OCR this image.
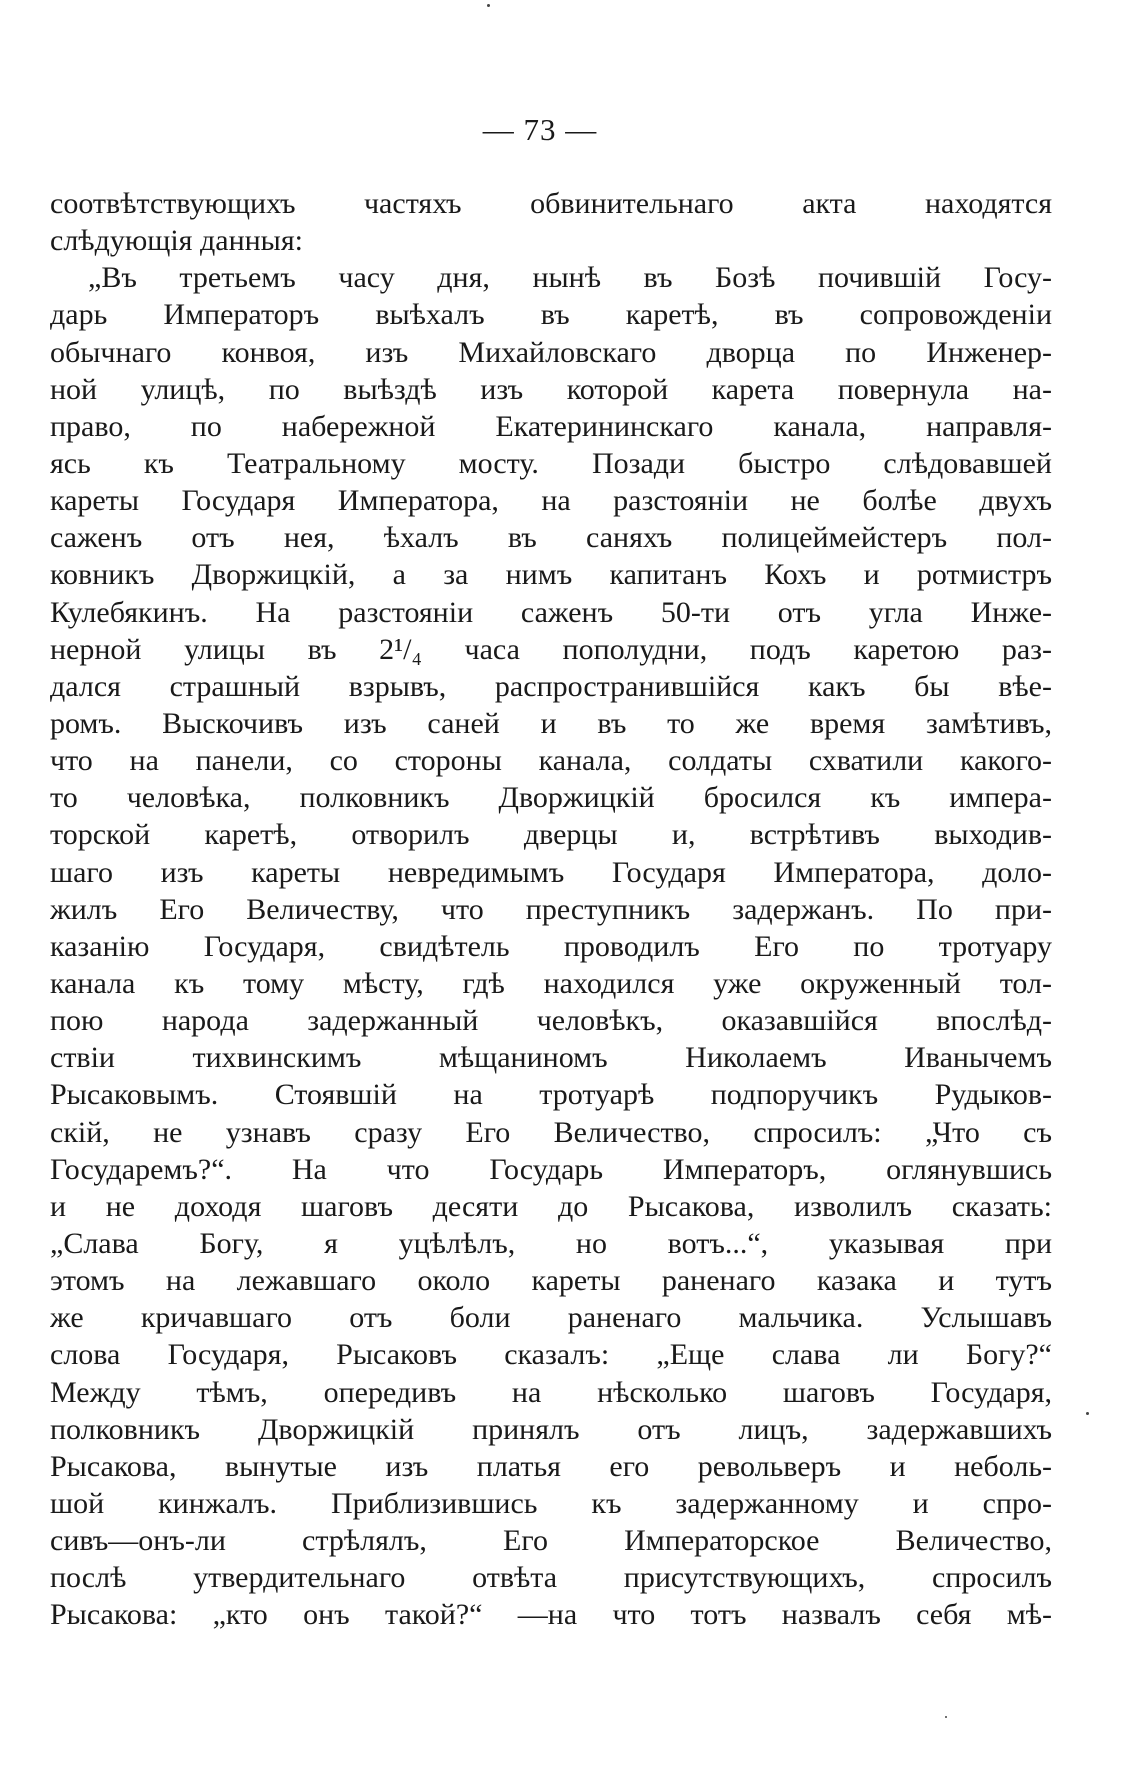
— 73 —
соотвѣтствующихъ частяхъ обвинительнаго акта находятся
слѣдующія данныя:
„Въ третьемъ часу дня, нынѣ въ Бозѣ почившій Госу-
дарь Императоръ выѣхалъ въ каретѣ, въ сопровожденіи
обычнаго конвоя, изъ Михайловскаго дворца по Инженер-
ной улицѣ, по выѣздѣ изъ которой карета повернула на-
право, по набережной Екатерининскаго канала, направля-
ясь къ Театральному мосту. Позади быстро слѣдовавшей
кареты Государя Императора, на разстояніи не болѣе двухъ
саженъ отъ нея, ѣхалъ въ саняхъ полицеймейстеръ пол-
ковникъ Дворжицкій, а за нимъ капитанъ Кохъ и ротмистръ
Кулебякинъ. На разстояніи саженъ 50-ти отъ угла Инже-
нерной улицы въ 2¹/₄ часа пополудни, подъ каретою раз-
дался страшный взрывъ, распространившійся какъ бы вѣе-
ромъ. Выскочивъ изъ саней и въ то же время замѣтивъ,
что на панели, со стороны канала, солдаты схватили какого-
то человѣка, полковникъ Дворжицкій бросился къ импера-
торской каретѣ, отворилъ дверцы и, встрѣтивъ выходив-
шаго изъ кареты невредимымъ Государя Императора, доло-
жилъ Его Величеству, что преступникъ задержанъ. По при-
казанію Государя, свидѣтель проводилъ Его по тротуару
канала къ тому мѣсту, гдѣ находился уже окруженный тол-
пою народа задержанный человѣкъ, оказавшійся впослѣд-
ствіи тихвинскимъ мѣщаниномъ Николаемъ Иванычемъ
Рысаковымъ. Стоявшій на тротуарѣ подпоручикъ Рудыков-
скій, не узнавъ сразу Его Величество, спросилъ: „Что съ
Государемъ?“. На что Государь Императоръ, оглянувшись
и не доходя шаговъ десяти до Рысакова, изволилъ сказать:
„Слава Богу, я уцѣлѣлъ, но вотъ...“, указывая при
этомъ на лежавшаго около кареты раненаго казака и тутъ
же кричавшаго отъ боли раненаго мальчика. Услышавъ
слова Государя, Рысаковъ сказалъ: „Еще слава ли Богу?“
Между тѣмъ, опередивъ на нѣсколько шаговъ Государя,
полковникъ Дворжицкій принялъ отъ лицъ, задержавшихъ
Рысакова, вынутые изъ платья его револьверъ и неболь-
шой кинжалъ. Приблизившись къ задержанному и спро-
сивъ—онъ-ли стрѣлялъ, Его Императорское Величество,
послѣ утвердительнаго отвѣта присутствующихъ, спросилъ
Рысакова: „кто онъ такой?“ —на что тотъ назвалъ себя мѣ-
